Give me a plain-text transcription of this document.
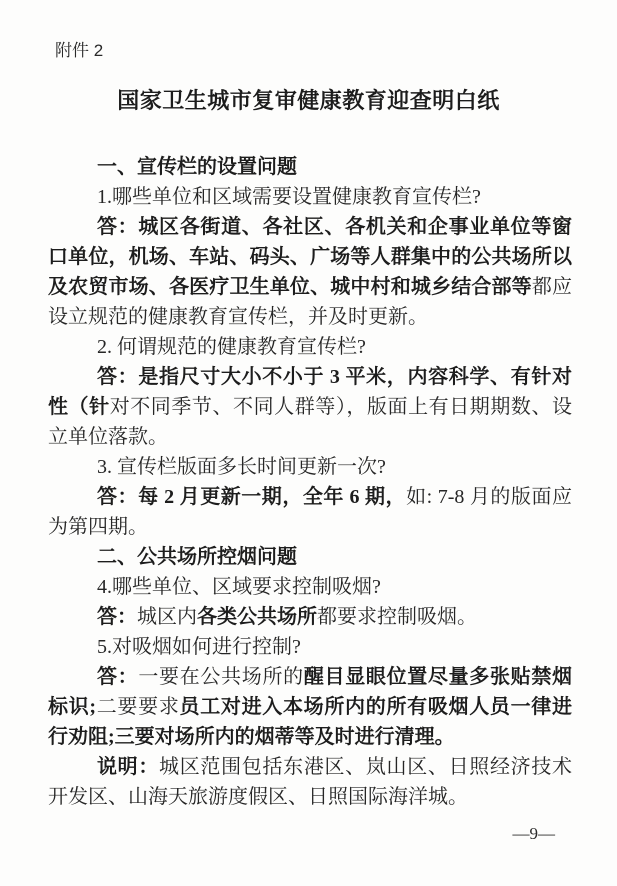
附件 2
国家卫生城市复审健康教育迎查明白纸

一、宣传栏的设置问题

1.哪些单位和区域需要设置健康教育宣传栏?

答：城区各街道、各社区、各机关和企事业单位等窗口单位，机场、车站、码头、广场等人群集中的公共场所以及农贸市场、各医疗卫生单位、城中村和城乡结合部等都应设立规范的健康教育宣传栏，并及时更新。

2. 何谓规范的健康教育宣传栏?

答：是指尺寸大小不小于 3 平米，内容科学、有针对性（针对不同季节、不同人群等），版面上有日期期数、设立单位落款。

3. 宣传栏版面多长时间更新一次?

答：每 2 月更新一期，全年 6 期，如: 7-8 月的版面应为第四期。

二、公共场所控烟问题

4.哪些单位、区域要求控制吸烟?

答：城区内各类公共场所都要求控制吸烟。

5.对吸烟如何进行控制?

答：一要在公共场所的醒目显眼位置尽量多张贴禁烟标识;二要要求员工对进入本场所内的所有吸烟人员一律进行劝阻;三要对场所内的烟蒂等及时进行清理。

说明：城区范围包括东港区、岚山区、日照经济技术开发区、山海天旅游度假区、日照国际海洋城。

—9—
